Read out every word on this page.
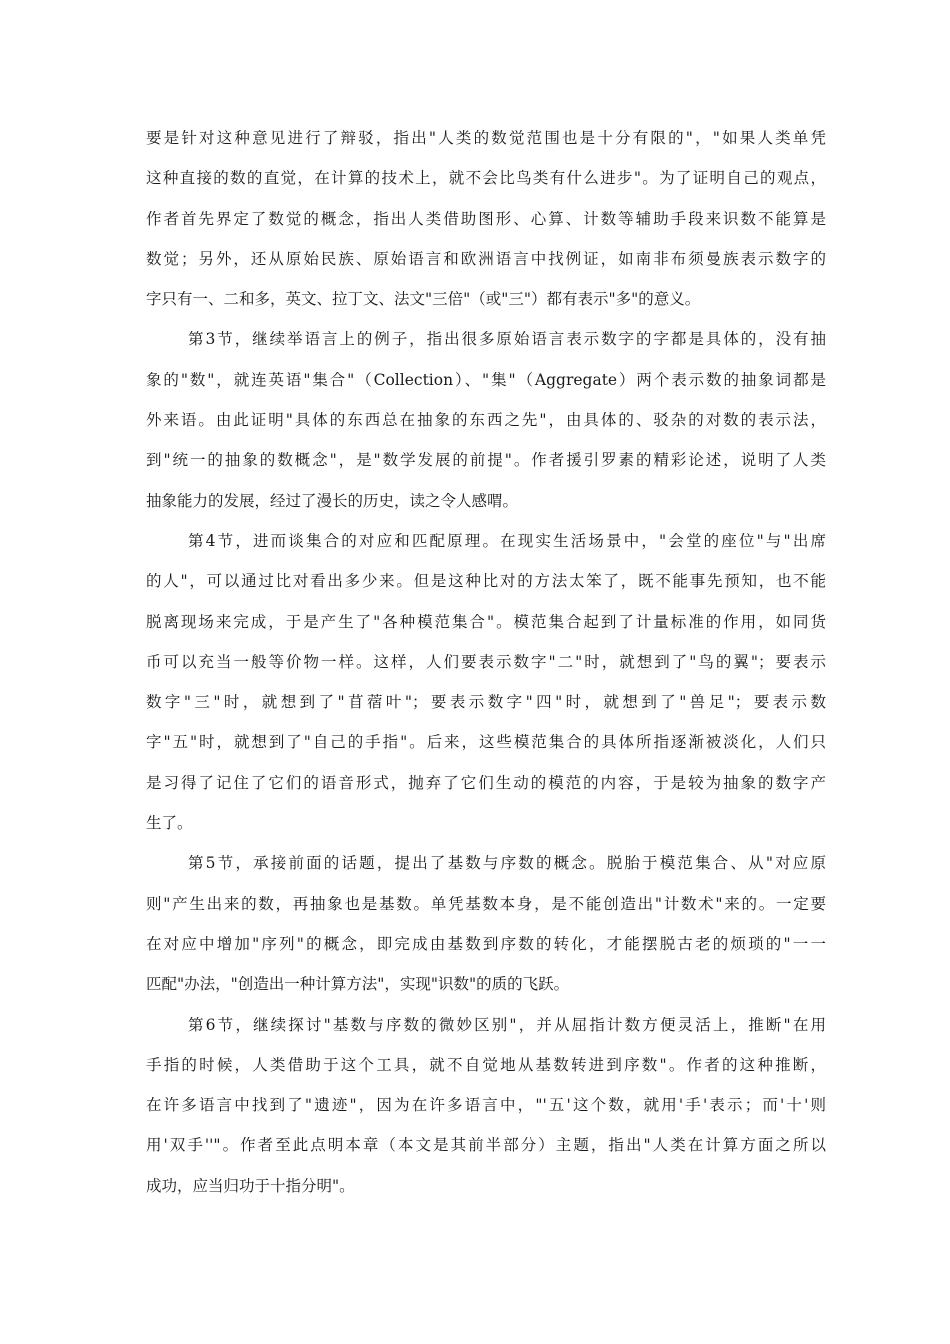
要是针对这种意见进行了辩驳，指出"人类的数觉范围也是十分有限的"，"如果人类单凭
这种直接的数的直觉，在计算的技术上，就不会比鸟类有什么进步"。为了证明自己的观点，
作者首先界定了数觉的概念，指出人类借助图形、心算、计数等辅助手段来识数不能算是
数觉；另外，还从原始民族、原始语言和欧洲语言中找例证，如南非布须曼族表示数字的
字只有一、二和多，英文、拉丁文、法文"三倍"（或"三"）都有表示"多"的意义。
第3节，继续举语言上的例子，指出很多原始语言表示数字的字都是具体的，没有抽
象的"数"，就连英语"集合"（Collection）、"集"（Aggregate）两个表示数的抽象词都是
外来语。由此证明"具体的东西总在抽象的东西之先"，由具体的、驳杂的对数的表示法，
到"统一的抽象的数概念"，是"数学发展的前提"。作者援引罗素的精彩论述，说明了人类
抽象能力的发展，经过了漫长的历史，读之令人感喟。
第4节，进而谈集合的对应和匹配原理。在现实生活场景中，"会堂的座位"与"出席
的人"，可以通过比对看出多少来。但是这种比对的方法太笨了，既不能事先预知，也不能
脱离现场来完成，于是产生了"各种模范集合"。模范集合起到了计量标准的作用，如同货
币可以充当一般等价物一样。这样，人们要表示数字"二"时，就想到了"鸟的翼"；要表示
数字"三"时，就想到了"苜蓿叶"；要表示数字"四"时，就想到了"兽足"；要表示数
字"五"时，就想到了"自己的手指"。后来，这些模范集合的具体所指逐渐被淡化，人们只
是习得了记住了它们的语音形式，抛弃了它们生动的模范的内容，于是较为抽象的数字产
生了。
第5节，承接前面的话题，提出了基数与序数的概念。脱胎于模范集合、从"对应原
则"产生出来的数，再抽象也是基数。单凭基数本身，是不能创造出"计数术"来的。一定要
在对应中增加"序列"的概念，即完成由基数到序数的转化，才能摆脱古老的烦琐的"一一
匹配"办法，"创造出一种计算方法"，实现"识数"的质的飞跃。
第6节，继续探讨"基数与序数的微妙区别"，并从屈指计数方便灵活上，推断"在用
手指的时候，人类借助于这个工具，就不自觉地从基数转进到序数"。作者的这种推断，
在许多语言中找到了"遗迹"，因为在许多语言中，"'五'这个数，就用'手'表示；而'十'则
用'双手''"。作者至此点明本章（本文是其前半部分）主题，指出"人类在计算方面之所以
成功，应当归功于十指分明"。
